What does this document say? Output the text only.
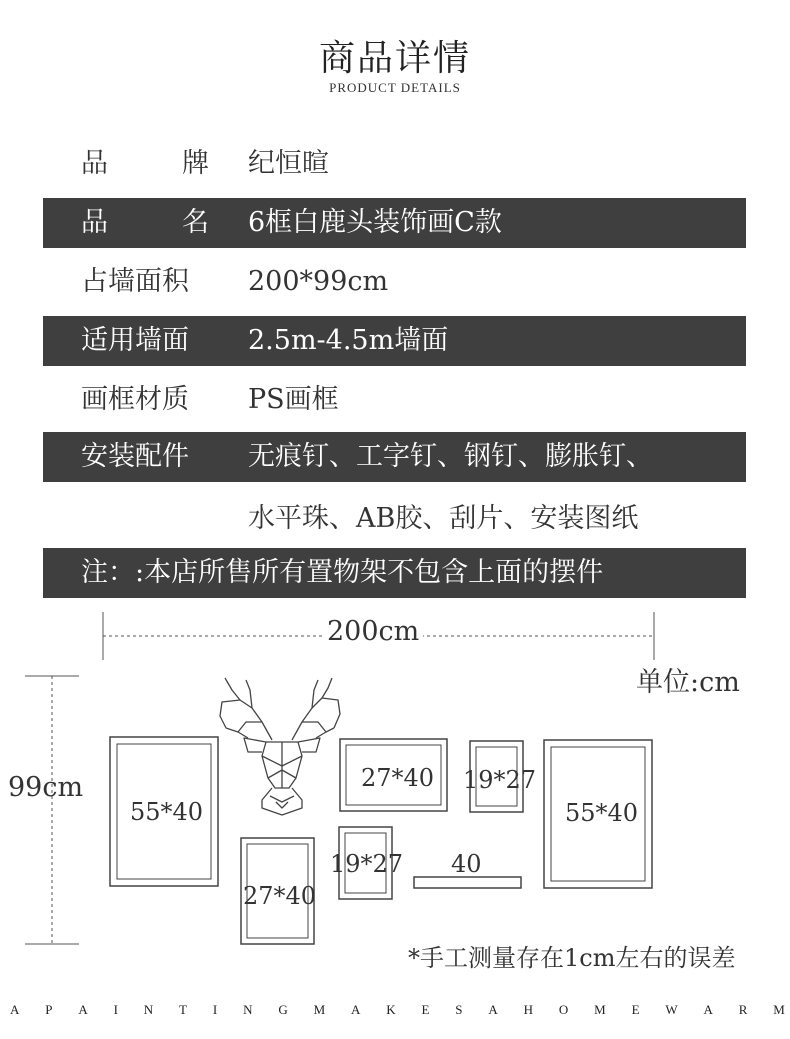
商品详情
PRODUCT DETAILS
品	牌 纪恒暄
品	名 6框白鹿头装饰画C款
占墙面积	200*99cm
适用墙面	2.5m-4.5m墙面
画框材质	PS画框
安装配件	无痕钉、工字钉、钢钉、膨胀钉、
水平珠、AB胶、刮片、安装图纸
注：:本店所售所有置物架不包含上面的摆件
200cm
单位:cm
99cm
55*40
27*40
27*40
19*27
19*27
55*40
40
*手工测量存在1cm左右的误差
A P A I N T I N G M A K E S A H O M E W A R M
